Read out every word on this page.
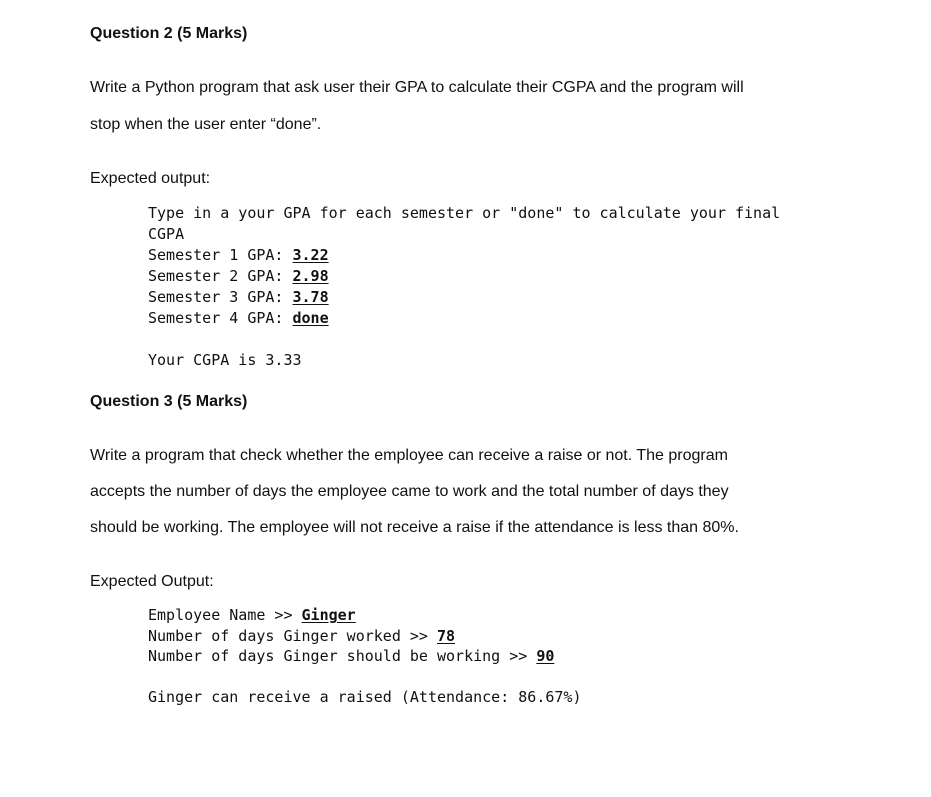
Question 2 (5 Marks)
Write a Python program that ask user their GPA to calculate their CGPA and the program will
stop when the user enter “done”.
Expected output:
Type in a your GPA for each semester or "done" to calculate your final
CGPA
Semester 1 GPA: 3.22
Semester 2 GPA: 2.98
Semester 3 GPA: 3.78
Semester 4 GPA: done
Your CGPA is 3.33
Question 3 (5 Marks)
Write a program that check whether the employee can receive a raise or not. The program
accepts the number of days the employee came to work and the total number of days they
should be working. The employee will not receive a raise if the attendance is less than 80%.
Expected Output:
Employee Name >> Ginger
Number of days Ginger worked >> 78
Number of days Ginger should be working >> 90
Ginger can receive a raised (Attendance: 86.67%)
